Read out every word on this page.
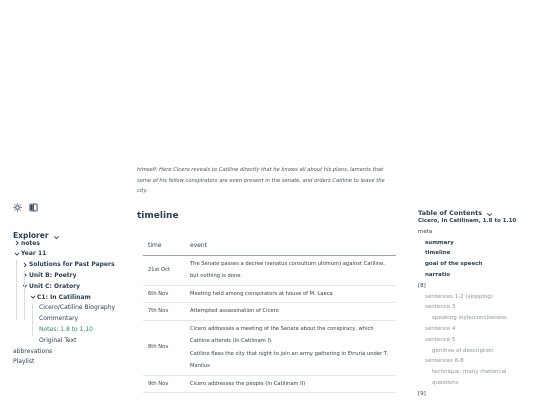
Explorer
notes
Year 11
Solutions for Past Papers
Unit B: Poetry
Unit C: Oratory
C1: In Catilinam
Cicero/Catiline Biography
Commentary
Notes: 1.8 to 1.10
Original Text
abbrevations
Playlist
himself. Here Cicero reveals to Catiline directly that he knows all about his plans, laments that
some of his fellow conspirators are even present in the senate, and orders Catiline to leave the
city.
timeline
time	event
21st Oct	The Senate passes a decree (senatus consultum ultimum) against Catiline, but nothing is done.

6th Nov	Meeting held among conspirators at house of M. Laeca

7th Nov	Attempted assassination of Cicero

8th Nov	Cicero addresses a meeting of the Senate about the conspiracy, which Catiline attends (In Catilinam I).
Catiline flees the city that night to join an army gathering in Etruria under T. Manlius

9th Nov	Cicero addresses the people (In Catilinam II)
Table of Contents
Cicero, In Catilinam, 1.8 to 1.10
meta
summary
timeline
goal of the speech
narratio
[8]
sentences 1-2 (skipping)
sentence 3
speaking style/conciseness
sentence 4
sentence 5
genitive of description
sentences 6-8
technique: many rhetorical
questions
[9]
